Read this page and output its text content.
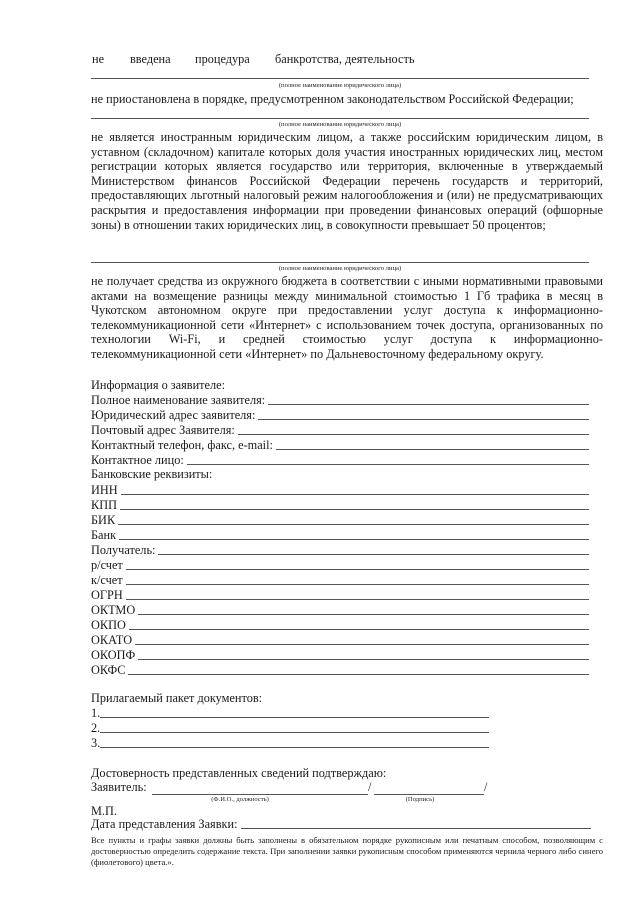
не введена процедура банкротства, деятельность
(полное наименование юридического лица)
не приостановлена в порядке, предусмотренном законодательством Российской Федерации;
(полное наименование юридического лица)
не является иностранным юридическим лицом, а также российским юридическим лицом, в уставном (складочном) капитале которых доля участия иностранных юридических лиц, местом регистрации которых является государство или территория, включенные в утверждаемый Министерством финансов Российской Федерации перечень государств и территорий, предоставляющих льготный налоговый режим налогообложения и (или) не предусматривающих раскрытия и предоставления информации при проведении финансовых операций (офшорные зоны) в отношении таких юридических лиц, в совокупности превышает 50 процентов;
(полное наименование юридического лица)
не получает средства из окружного бюджета в соответствии с иными нормативными правовыми актами на возмещение разницы между минимальной стоимостью 1 Гб трафика в месяц в Чукотском автономном округе при предоставлении услуг доступа к информационно-телекоммуникационной сети «Интернет» с использованием точек доступа, организованных по технологии Wi-Fi, и средней стоимостью услуг доступа к информационно-телекоммуникационной сети «Интернет» по Дальневосточному федеральному округу.
Информация о заявителе:
Полное наименование заявителя:
Юридический адрес заявителя:
Почтовый адрес Заявителя:
Контактный телефон, факс, e-mail:
Контактное лицо:
Банковские реквизиты:
ИНН
КПП
БИК
Банк
Получатель:
р/счет
к/счет
ОГРН
ОКТМО
ОКПО
ОКАТО
ОКОПФ
ОКФС
Прилагаемый пакет документов:
1.
2.
3.
Достоверность представленных сведений подтверждаю:
Заявитель:	/	/
(Ф.И.О., должность)	(Подпись)
М.П.
Дата представления Заявки:
Все пункты и графы заявки должны быть заполнены в обязательном порядке рукописным или печатным способом, позволяющим с достоверностью определить содержание текста. При заполнении заявки рукописным способом применяются чернила черного либо синего (фиолетового) цвета.».
